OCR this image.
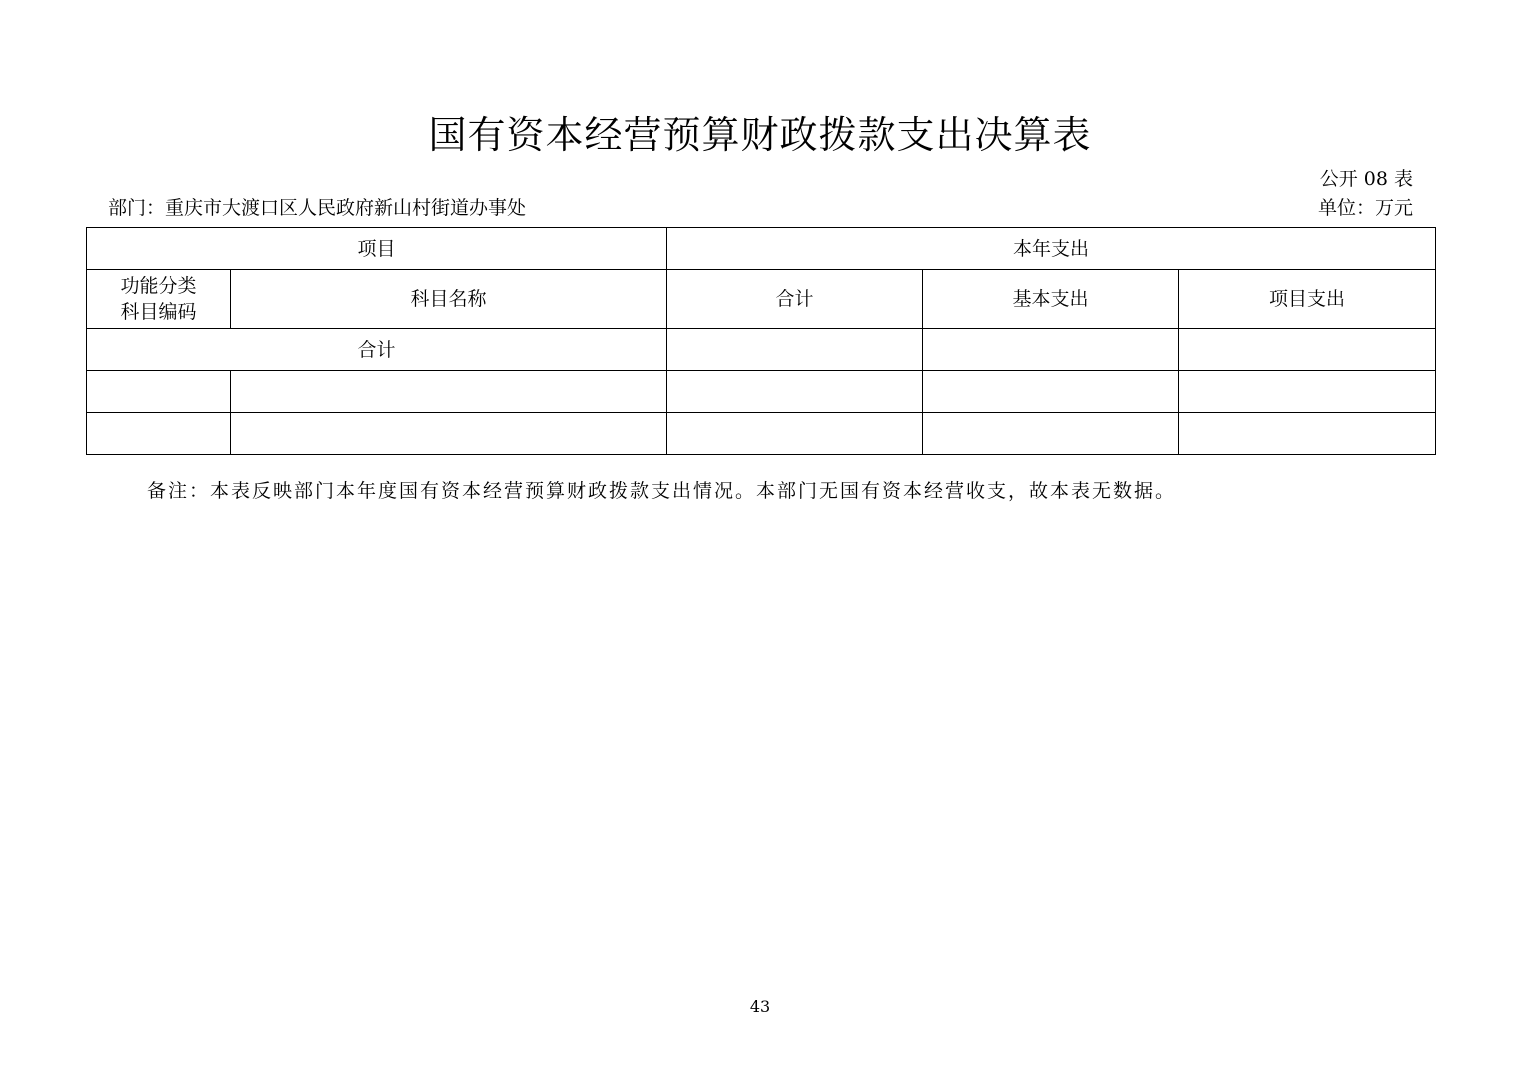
国有资本经营预算财政拨款支出决算表
公开 08 表
部门：重庆市大渡口区人民政府新山村街道办事处	单位：万元
项目		本年支出		

功能分类
科目编码	科目名称	合计	基本支出	项目支出
合计				

备注：本表反映部门本年度国有资本经营预算财政拨款支出情况。本部门无国有资本经营收支，故本表无数据。
43
